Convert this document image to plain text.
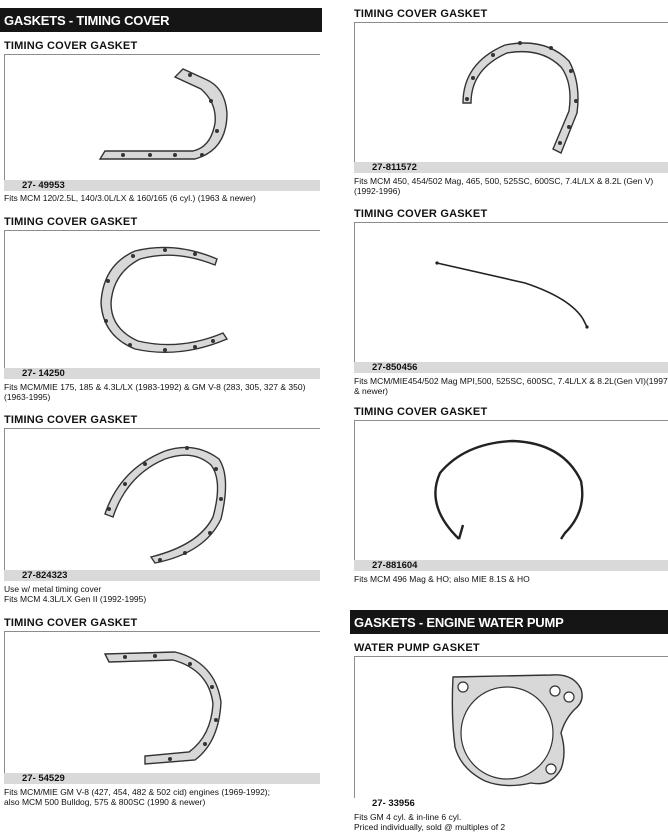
GASKETS - TIMING COVER
TIMING COVER GASKET
27- 49953
Fits MCM 120/2.5L, 140/3.0L/LX & 160/165 (6 cyl.) (1963 & newer)
TIMING COVER GASKET
27- 14250
Fits MCM/MIE 175, 185 & 4.3L/LX (1983-1992) & GM V-8 (283, 305, 327 & 350)
(1963-1995)
TIMING COVER GASKET
27-824323
Use w/ metal timing cover
Fits MCM 4.3L/LX Gen II (1992-1995)
TIMING COVER GASKET
27- 54529
Fits MCM/MIE GM V-8 (427, 454, 482 & 502 cid) engines (1969-1992);
also MCM 500 Bulldog, 575 & 800SC (1990 & newer)
TIMING COVER GASKET
27-811572
Fits MCM 450, 454/502 Mag, 465, 500, 525SC, 600SC, 7.4L/LX & 8.2L (Gen V)
(1992-1996)
TIMING COVER GASKET
27-850456
Fits MCM/MIE454/502 Mag MPI,500, 525SC, 600SC, 7.4L/LX & 8.2L(Gen VI)(1997
& newer)
TIMING COVER GASKET
27-881604
Fits MCM 496 Mag & HO; also MIE 8.1S & HO
GASKETS - ENGINE WATER PUMP
WATER PUMP GASKET
27- 33956
Fits GM 4 cyl. & in-line 6 cyl.
Priced individually, sold @ multiples of 2
